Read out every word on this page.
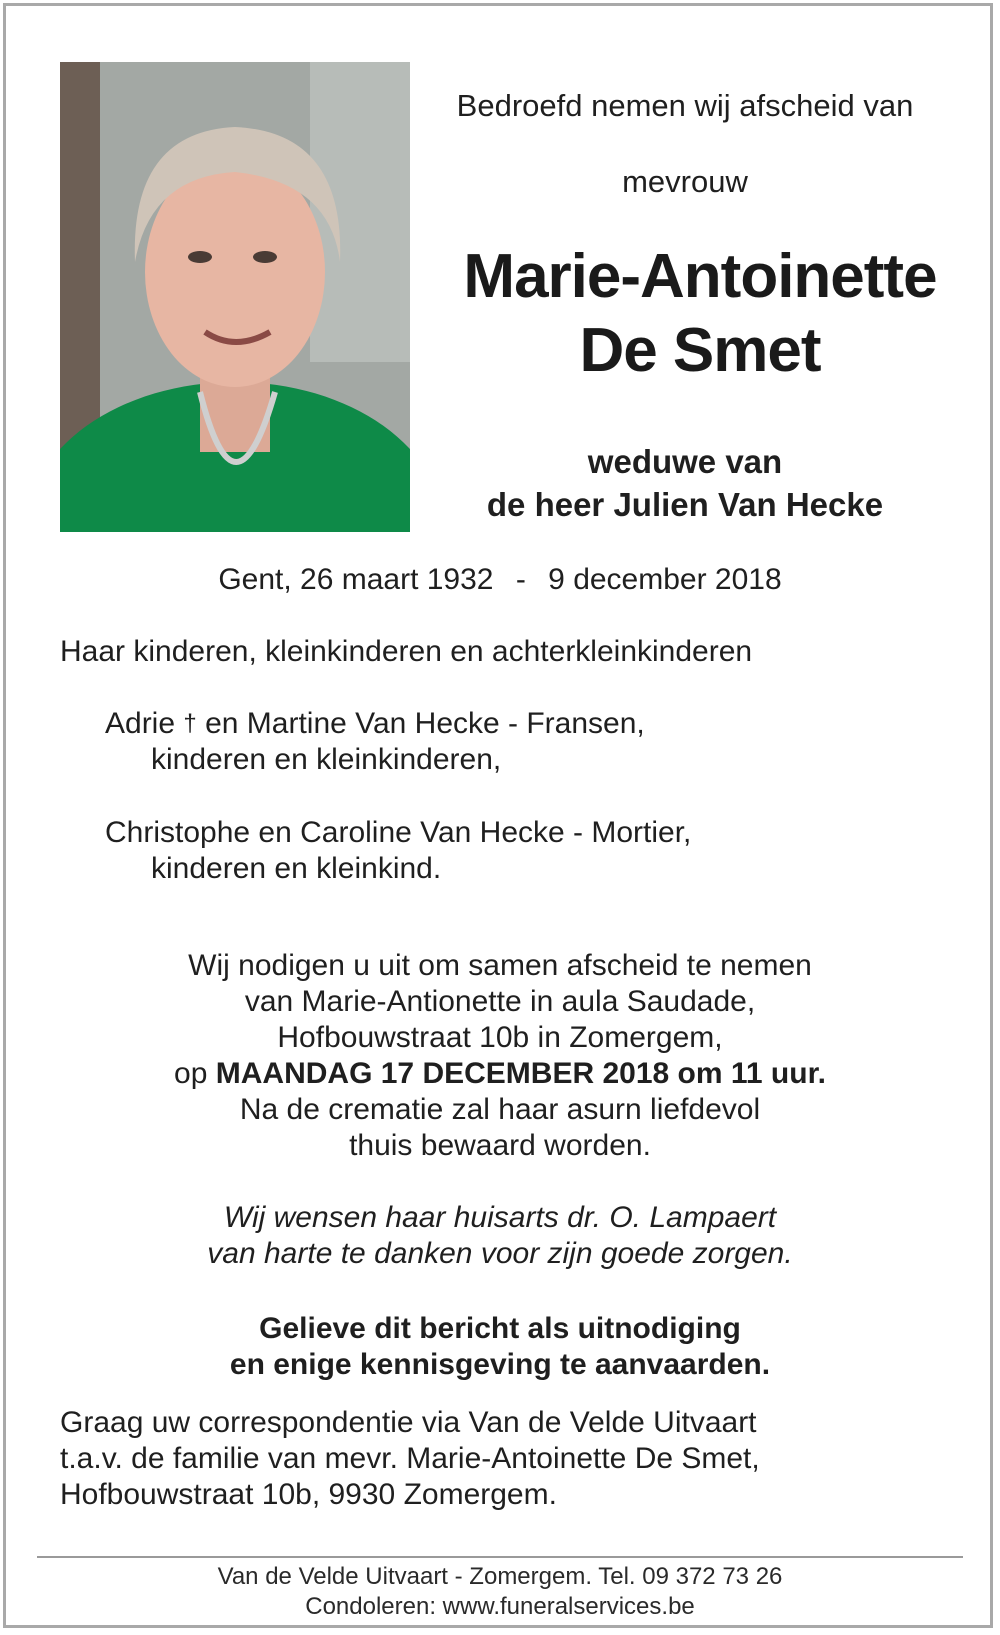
Bedroefd nemen wij afscheid van
mevrouw
Marie-Antoinette
De Smet
weduwe van
de heer Julien Van Hecke
Gent, 26 maart 1932 - 9 december 2018
Haar kinderen, kleinkinderen en achterkleinkinderen
Adrie † en Martine Van Hecke - Fransen,
kinderen en kleinkinderen,
Christophe en Caroline Van Hecke - Mortier,
kinderen en kleinkind.
Wij nodigen u uit om samen afscheid te nemen
van Marie-Antionette in aula Saudade,
Hofbouwstraat 10b in Zomergem,
op MAANDAG 17 DECEMBER 2018 om 11 uur.
Na de crematie zal haar asurn liefdevol
thuis bewaard worden.
Wij wensen haar huisarts dr. O. Lampaert
van harte te danken voor zijn goede zorgen.
Gelieve dit bericht als uitnodiging
en enige kennisgeving te aanvaarden.
Graag uw correspondentie via Van de Velde Uitvaart
t.a.v. de familie van mevr. Marie-Antoinette De Smet,
Hofbouwstraat 10b, 9930 Zomergem.
Van de Velde Uitvaart - Zomergem. Tel. 09 372 73 26
Condoleren: www.funeralservices.be
